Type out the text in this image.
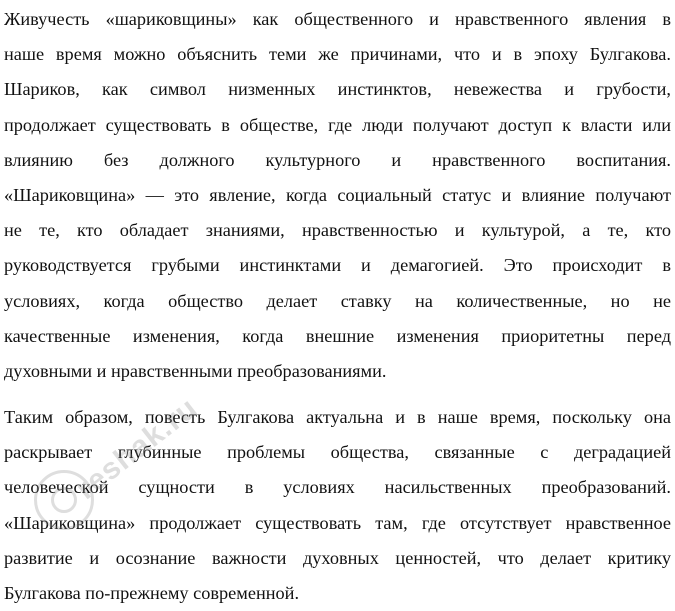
Живучесть «шариковщины» как общественного и нравственного явления в
наше время можно объяснить теми же причинами, что и в эпоху Булгакова.
Шариков, как символ низменных инстинктов, невежества и грубости,
продолжает существовать в обществе, где люди получают доступ к власти или
влиянию без должного культурного и нравственного воспитания.
«Шариковщина» — это явление, когда социальный статус и влияние получают
не те, кто обладает знаниями, нравственностью и культурой, а те, кто
руководствуется грубыми инстинктами и демагогией. Это происходит в
условиях, когда общество делает ставку на количественные, но не
качественные изменения, когда внешние изменения приоритетны перед
духовными и нравственными преобразованиями.
Таким образом, повесть Булгакова актуальна и в наше время, поскольку она
раскрывает глубинные проблемы общества, связанные с деградацией
человеческой сущности в условиях насильственных преобразований.
«Шариковщина» продолжает существовать там, где отсутствует нравственное
развитие и осознание важности духовных ценностей, что делает критику
Булгакова по-прежнему современной.
reshak.ru
